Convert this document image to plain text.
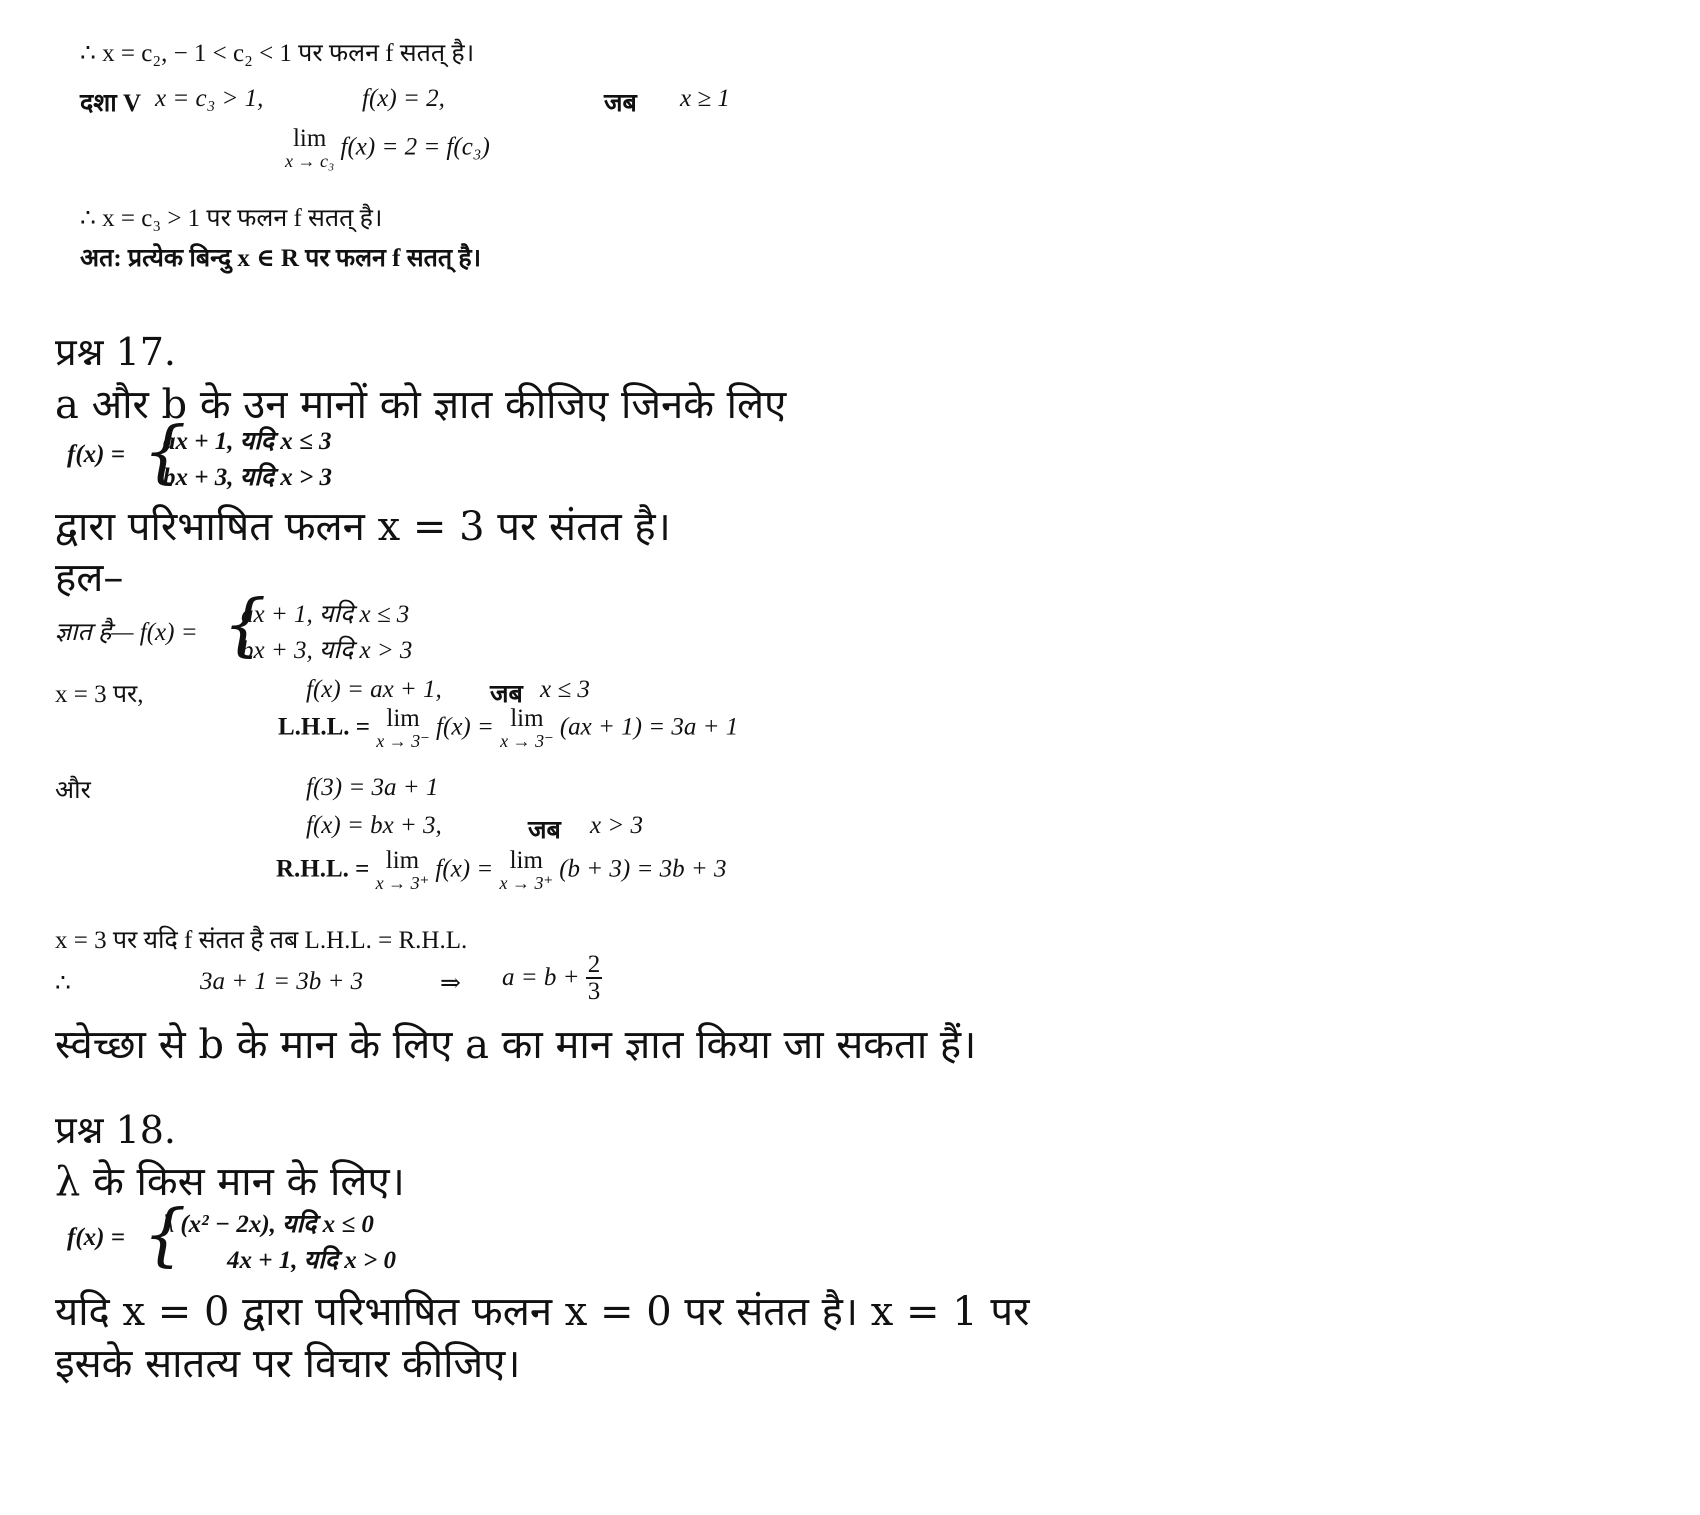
∴ x = c₂, − 1 < c₂ < 1 पर फलन f सतत् है।
दशा V x = c₃ > 1,	f(x) = 2,	जब x ≥ 1
lim
x → c₃
f(x) = 2 = f(c₃)
∴ x = c₃ > 1 पर फलन f सतत् है।
अत: प्रत्येक बिन्दु x ∈ R पर फलन f सतत् है।
प्रश्न 17.
a और b के उन मानों को ज्ञात कीजिए जिनके लिए
f(x) = {
ax + 1, यदि x ≤ 3
bx + 3, यदि x > 3
द्वारा परिभाषित फलन x = 3 पर संतत है।
हल–
ज्ञात है— f(x) = {
ax + 1, यदि x ≤ 3
bx + 3, यदि x > 3
x = 3 पर,	f(x) = ax + 1, जब x ≤ 3
L.H.L. = lim
x → 3⁻
f(x) = lim
x → 3⁻
(ax + 1) = 3a + 1
और	f(3) = 3a + 1
f(x) = bx + 3,	जब x > 3
R.H.L. = lim
x → 3⁺
f(x) = lim
x → 3⁺
(b + 3) = 3b + 3
x = 3 पर यदि f संतत है तब L.H.L. = R.H.L.
∴	3a + 1 = 3b + 3	⇒ $a = b + \frac{2}{3}$
स्वेच्छा से b के मान के लिए a का मान ज्ञात किया जा सकता हैं।
प्रश्न 18.
λ के किस मान के लिए।
f(x) = {
λ (x² − 2x), यदि x ≤ 0
4x + 1, यदि x > 0
यदि x = 0 द्वारा परिभाषित फलन x = 0 पर संतत है। x = 1 पर
इसके सातत्य पर विचार कीजिए।
